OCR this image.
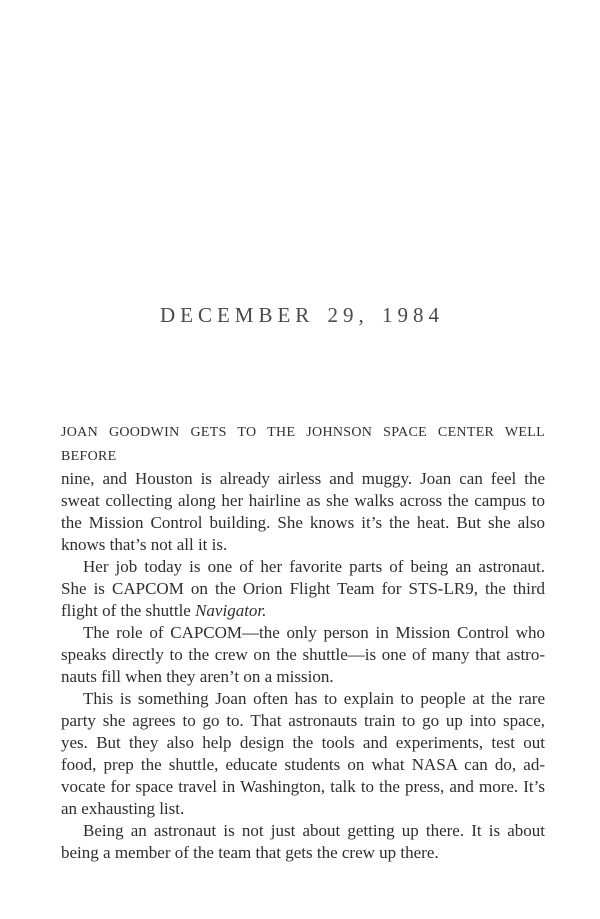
DECEMBER 29, 1984
JOAN GOODWIN GETS TO THE JOHNSON SPACE CENTER WELL BEFORE
nine, and Houston is already airless and muggy. Joan can feel the
sweat collecting along her hairline as she walks across the campus to
the Mission Control building. She knows it’s the heat. But she also
knows that’s not all it is.
Her job today is one of her favorite parts of being an astronaut.
She is CAPCOM on the Orion Flight Team for STS-LR9, the third
flight of the shuttle Navigator.
The role of CAPCOM—the only person in Mission Control who
speaks directly to the crew on the shuttle—is one of many that astro-
nauts fill when they aren’t on a mission.
This is something Joan often has to explain to people at the rare
party she agrees to go to. That astronauts train to go up into space,
yes. But they also help design the tools and experiments, test out
food, prep the shuttle, educate students on what NASA can do, ad-
vocate for space travel in Washington, talk to the press, and more. It’s
an exhausting list.
Being an astronaut is not just about getting up there. It is about
being a member of the team that gets the crew up there.
